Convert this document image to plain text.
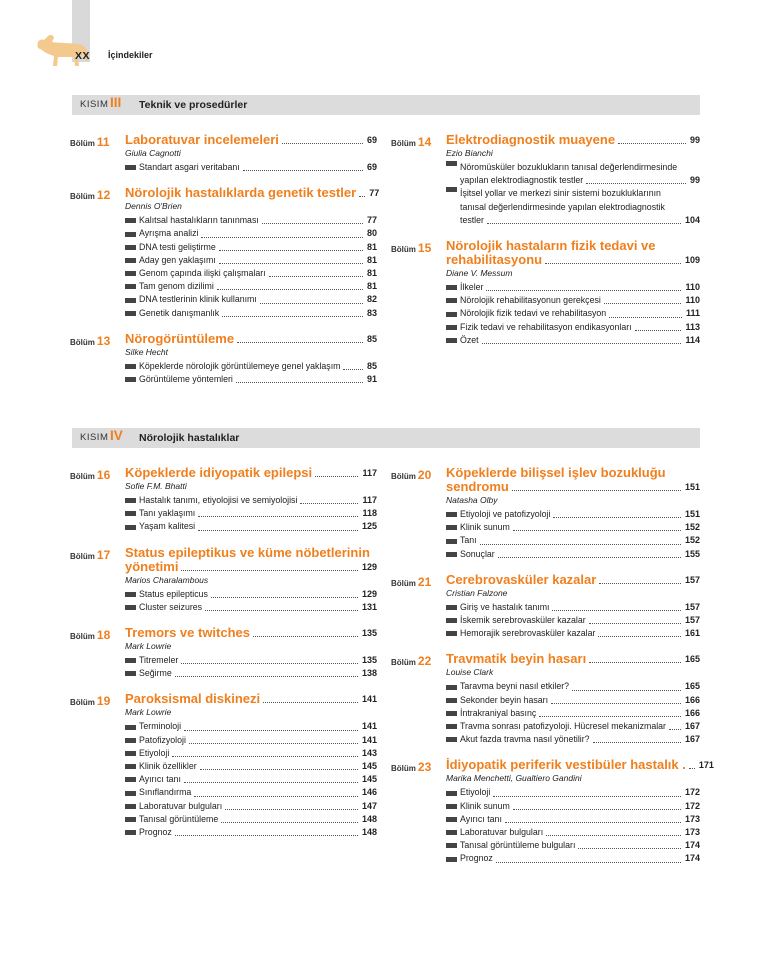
XX İçindekiler
KISIM III Teknik ve prosedürler
Bölüm 11	Laboratuvar incelemeleri	69
Giulia Cagnotti
Standart asgari veritabanı	69
Bölüm 12	Nörolojik hastalıklarda genetik testler 77
Dennis O'Brien
Kalıtsal hastalıkların tanınması	77
Ayrışma analizi	80
DNA testi geliştirme	81
Aday gen yaklaşımı	81
Genom çapında ilişki çalışmaları	81
Tam genom dizilimi	81
DNA testlerinin klinik kullanımı	82
Genetik danışmanlık	83
Bölüm 13	Nörogörüntüleme	85
Silke Hecht
Köpeklerde nörolojik görüntülemeye genel yaklaşım	85
Görüntüleme yöntemleri	91
Bölüm 14	Elektrodiagnostik muayene	99
Ezio Bianchi
Nöromüsküler bozuklukların tanısal değerlendirmesinde
yapılan elektrodiagnostik testler	99
İşitsel yollar ve merkezi sinir sistemi bozukluklarının
tanısal değerlendirmesinde yapılan elektrodiagnostik
testler	104
Bölüm 15	Nörolojik hastaların fizik tedavi ve
rehabilitasyonu	109
Diane V. Messum
İlkeler	110
Nörolojik rehabilitasyonun gerekçesi	110
Nörolojik fizik tedavi ve rehabilitasyon	111
Fizik tedavi ve rehabilitasyon endikasyonları	113
Özet	114
KISIM IV Nörolojik hastalıklar
Bölüm 16	Köpeklerde idiyopatik epilepsi	117
Sofie F.M. Bhatti
Hastalık tanımı, etiyolojisi ve semiyolojisi	117
Tanı yaklaşımı	118
Yaşam kalitesi	125
Bölüm 17	Status epileptikus ve küme nöbetlerinin
yönetimi	129
Marios Charalambous
Status epilepticus	129
Cluster seizures	131
Bölüm 18	Tremors ve twitches	135
Mark Lowrie
Titremeler	135
Seğirme	138
Bölüm 19	Paroksismal diskinezi	141
Mark Lowrie
Terminoloji	141
Patofizyoloji	141
Etiyoloji	143
Klinik özellikler	145
Ayırıcı tanı	145
Sınıflandırma	146
Laboratuvar bulguları	147
Tanısal görüntüleme	148
Prognoz	148
Bölüm 20	Köpeklerde bilişsel işlev bozukluğu
sendromu	151
Natasha Olby
Etiyoloji ve patofizyoloji	151
Klinik sunum	152
Tanı	152
Sonuçlar	155
Bölüm 21	Cerebrovasküler kazalar	157
Cristian Falzone
Giriş ve hastalık tanımı	157
İskemik serebrovasküler kazalar	157
Hemorajik serebrovasküler kazalar	161
Bölüm 22	Travmatik beyin hasarı	165
Louise Clark
Taravma beyni nasıl etkiler?	165
Sekonder beyin hasarı	166
İntrakraniyal basınç	166
Travma sonrası patofizyoloji. Hücresel mekanizmalar 167
Akut fazda travma nasıl yönetilir?	167
Bölüm 23	İdiyopatik periferik vestibüler hastalık . 171
Marika Menchetti, Gualtiero Gandini
Etiyoloji	172
Klinik sunum	172
Ayırıcı tanı	173
Laboratuvar bulguları	173
Tanısal görüntüleme bulguları	174
Prognoz	174
